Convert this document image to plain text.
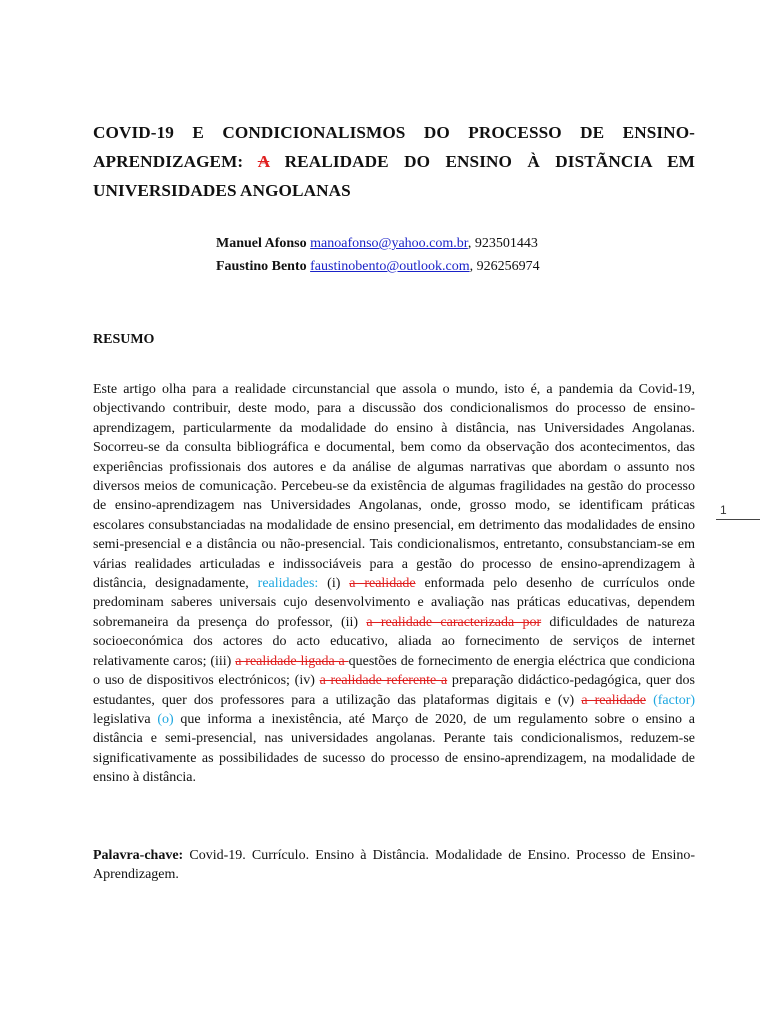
COVID-19 E CONDICIONALISMOS DO PROCESSO DE ENSINO-APRENDIZAGEM: A REALIDADE DO ENSINO À DISTÃNCIA EM UNIVERSIDADES ANGOLANAS
Manuel Afonso manoafonso@yahoo.com.br, 923501443
Faustino Bento faustinobento@outlook.com, 926256974
RESUMO
Este artigo olha para a realidade circunstancial que assola o mundo, isto é, a pandemia da Covid-19, objectivando contribuir, deste modo, para a discussão dos condicionalismos do processo de ensino-aprendizagem, particularmente da modalidade do ensino à distância, nas Universidades Angolanas. Socorreu-se da consulta bibliográfica e documental, bem como da observação dos acontecimentos, das experiências profissionais dos autores e da análise de algumas narrativas que abordam o assunto nos diversos meios de comunicação. Percebeu-se da existência de algumas fragilidades na gestão do processo de ensino-aprendizagem nas Universidades Angolanas, onde, grosso modo, se identificam práticas escolares consubstanciadas na modalidade de ensino presencial, em detrimento das modalidades de ensino semi-presencial e a distância ou não-presencial. Tais condicionalismos, entretanto, consubstanciam-se em várias realidades articuladas e indissociáveis para a gestão do processo de ensino-aprendizagem à distância, designadamente, realidades: (i) a realidade enformada pelo desenho de currículos onde predominam saberes universais cujo desenvolvimento e avaliação nas práticas educativas, dependem sobremaneira da presença do professor, (ii) a realidade caracterizada por dificuldades de natureza socioeconómica dos actores do acto educativo, aliada ao fornecimento de serviços de internet relativamente caros; (iii) a realidade ligada a questões de fornecimento de energia eléctrica que condiciona o uso de dispositivos electrónicos; (iv) a realidade referente a preparação didáctico-pedagógica, quer dos estudantes, quer dos professores para a utilização das plataformas digitais e (v) a realidade (factor) legislativa (o) que informa a inexistência, até Março de 2020, de um regulamento sobre o ensino a distância e semi-presencial, nas universidades angolanas. Perante tais condicionalismos, reduzem-se significativamente as possibilidades de sucesso do processo de ensino-aprendizagem, na modalidade de ensino à distância.
Palavra-chave: Covid-19. Currículo. Ensino à Distância. Modalidade de Ensino. Processo de Ensino-Aprendizagem.
1
